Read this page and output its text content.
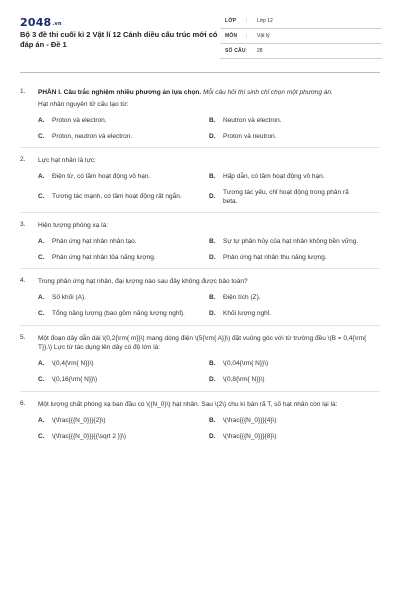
2048.vn
Bộ 3 đề thi cuối kì 2 Vật lí 12 Cánh diều cấu trúc mới có đáp án - Đề 1
LỚP : Lớp 12
MÔN : Vật lý
SỐ CÂU : 28
1. PHẦN I. Câu trắc nghiệm nhiều phương án lựa chọn. Mỗi câu hỏi thí sinh chỉ chọn một phương án.
Hạt nhân nguyên tử cấu tạo từ:
A.	Proton và electron.	B.	Neutron và electron.
C.	Proton, neutron và electron.	D.	Proton và neutron.
2. Lực hạt nhân là lực:
A.	Điện từ, có tầm hoạt động vô hạn.	B.	Hấp dẫn, có tầm hoạt động vô hạn.
C.	Tương tác mạnh, có tầm hoạt động rất ngắn.	D.
Tương tác yếu, chỉ hoạt động trong phân rã beta.
3. Hiện tượng phóng xạ là:
A.	Phản ứng hạt nhân nhân tạo.	B.	Sự tự phân hủy của hạt nhân không bền vững.
C.	Phản ứng hạt nhân tỏa năng lượng.	D.	Phản ứng hạt nhân thu năng lượng.
4. Trong phản ứng hạt nhân, đại lượng nào sau đây không được bảo toàn?
A.	Số khối (A).	B.	Điện tích (Z).
C.	Tổng năng lượng (bao gồm năng lượng nghỉ).	D.	Khối lượng nghỉ.
5. Một đoạn dây dẫn dài \(0,2{\rm{ m}}\) mang dòng điện \(5{\rm{ A}}\) đặt vuông góc với từ trường đều \(B = 0,4{\rm{ T}}.\) Lực từ tác dụng lên dây có độ lớn là:
A.	\(0,4{\rm{ N}}\)	B.	\(0,04{\rm{ N}}\)
C.	\(0,16{\rm{ N}}\)	D.	\(0,8{\rm{ N}}\)
6. Một lượng chất phóng xạ ban đầu có \({N_0}\) hạt nhân. Sau \(2\) chu kì bán rã T, số hạt nhân còn lại là:
A.	\(\frac{{{N_0}}}{2}\)	B.	\(\frac{{{N_0}}}{4}\)
C.	\(\frac{{{N_0}}}{{\sqrt 2 }}\)	D.	\(\frac{{{N_0}}}{8}\)
